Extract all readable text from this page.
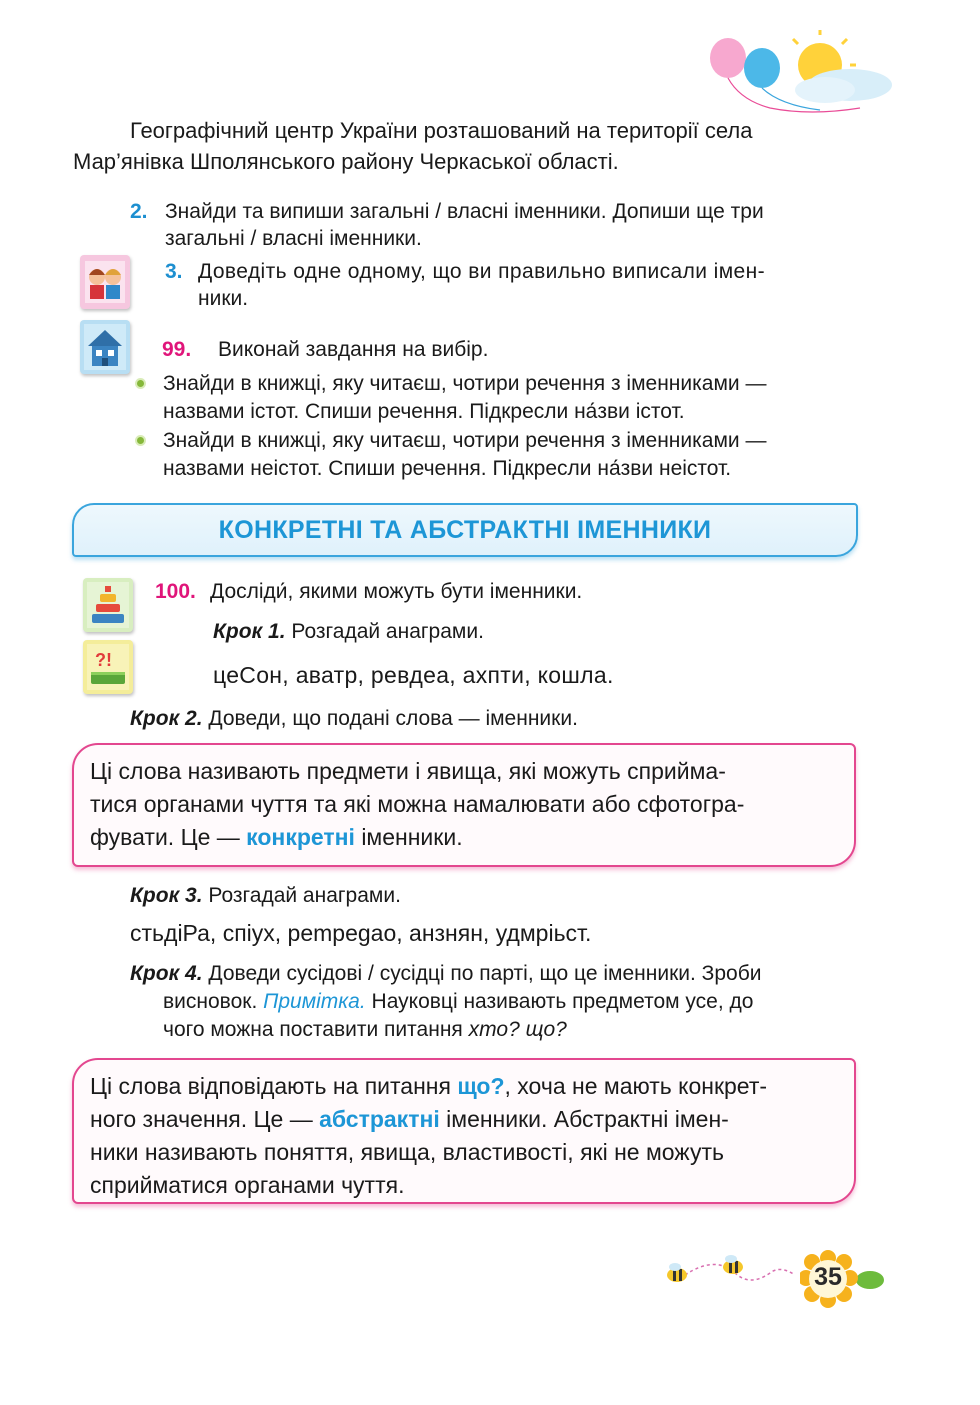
Географічний центр України розташований на території села
Мар’янівка Шполянського району Черкаської області.
2. Знайди та випиши загальні / власні іменники. Допиши ще три
загальні / власні іменники.
3. Доведіть одне одному, що ви правильно виписали імен-
ники.
99. Виконай завдання на вибір.
Знайди в книжці, яку читаєш, чотири речення з іменниками —
назвами істот. Спиши речення. Підкресли на́зви істот.
Знайди в книжці, яку читаєш, чотири речення з іменниками —
назвами неістот. Спиши речення. Підкресли на́зви неістот.
КОНКРЕТНІ ТА АБСТРАКТНІ ІМЕННИКИ
?!
100. Досліди́, якими можуть бути іменники.
Крок 1. Розгадай анаграми.
цеСон, аватр, ревдеа, ахпти, кошла.
Крок 2. Доведи, що подані слова — іменники.
Ці слова називають предмети і явища, які можуть сприйма-
тися органами чуття та які можна намалювати або сфотогра-
фувати. Це — конкретні іменники.
Крок 3. Розгадай анаграми.
стьдіРа, спіух, рempegao, анзнян, удмріьст.
Крок 4. Доведи сусідові / сусідці по парті, що це іменники. Зроби
висновок. Примітка. Науковці називають предметом усе, до
чого можна поставити питання хто? що?
Ці слова відповідають на питання що?, хоча не мають конкрет-
ного значення. Це — абстрактні іменники. Абстрактні імен-
ники називають поняття, явища, властивості, які не можуть
сприйматися органами чуття.
35
